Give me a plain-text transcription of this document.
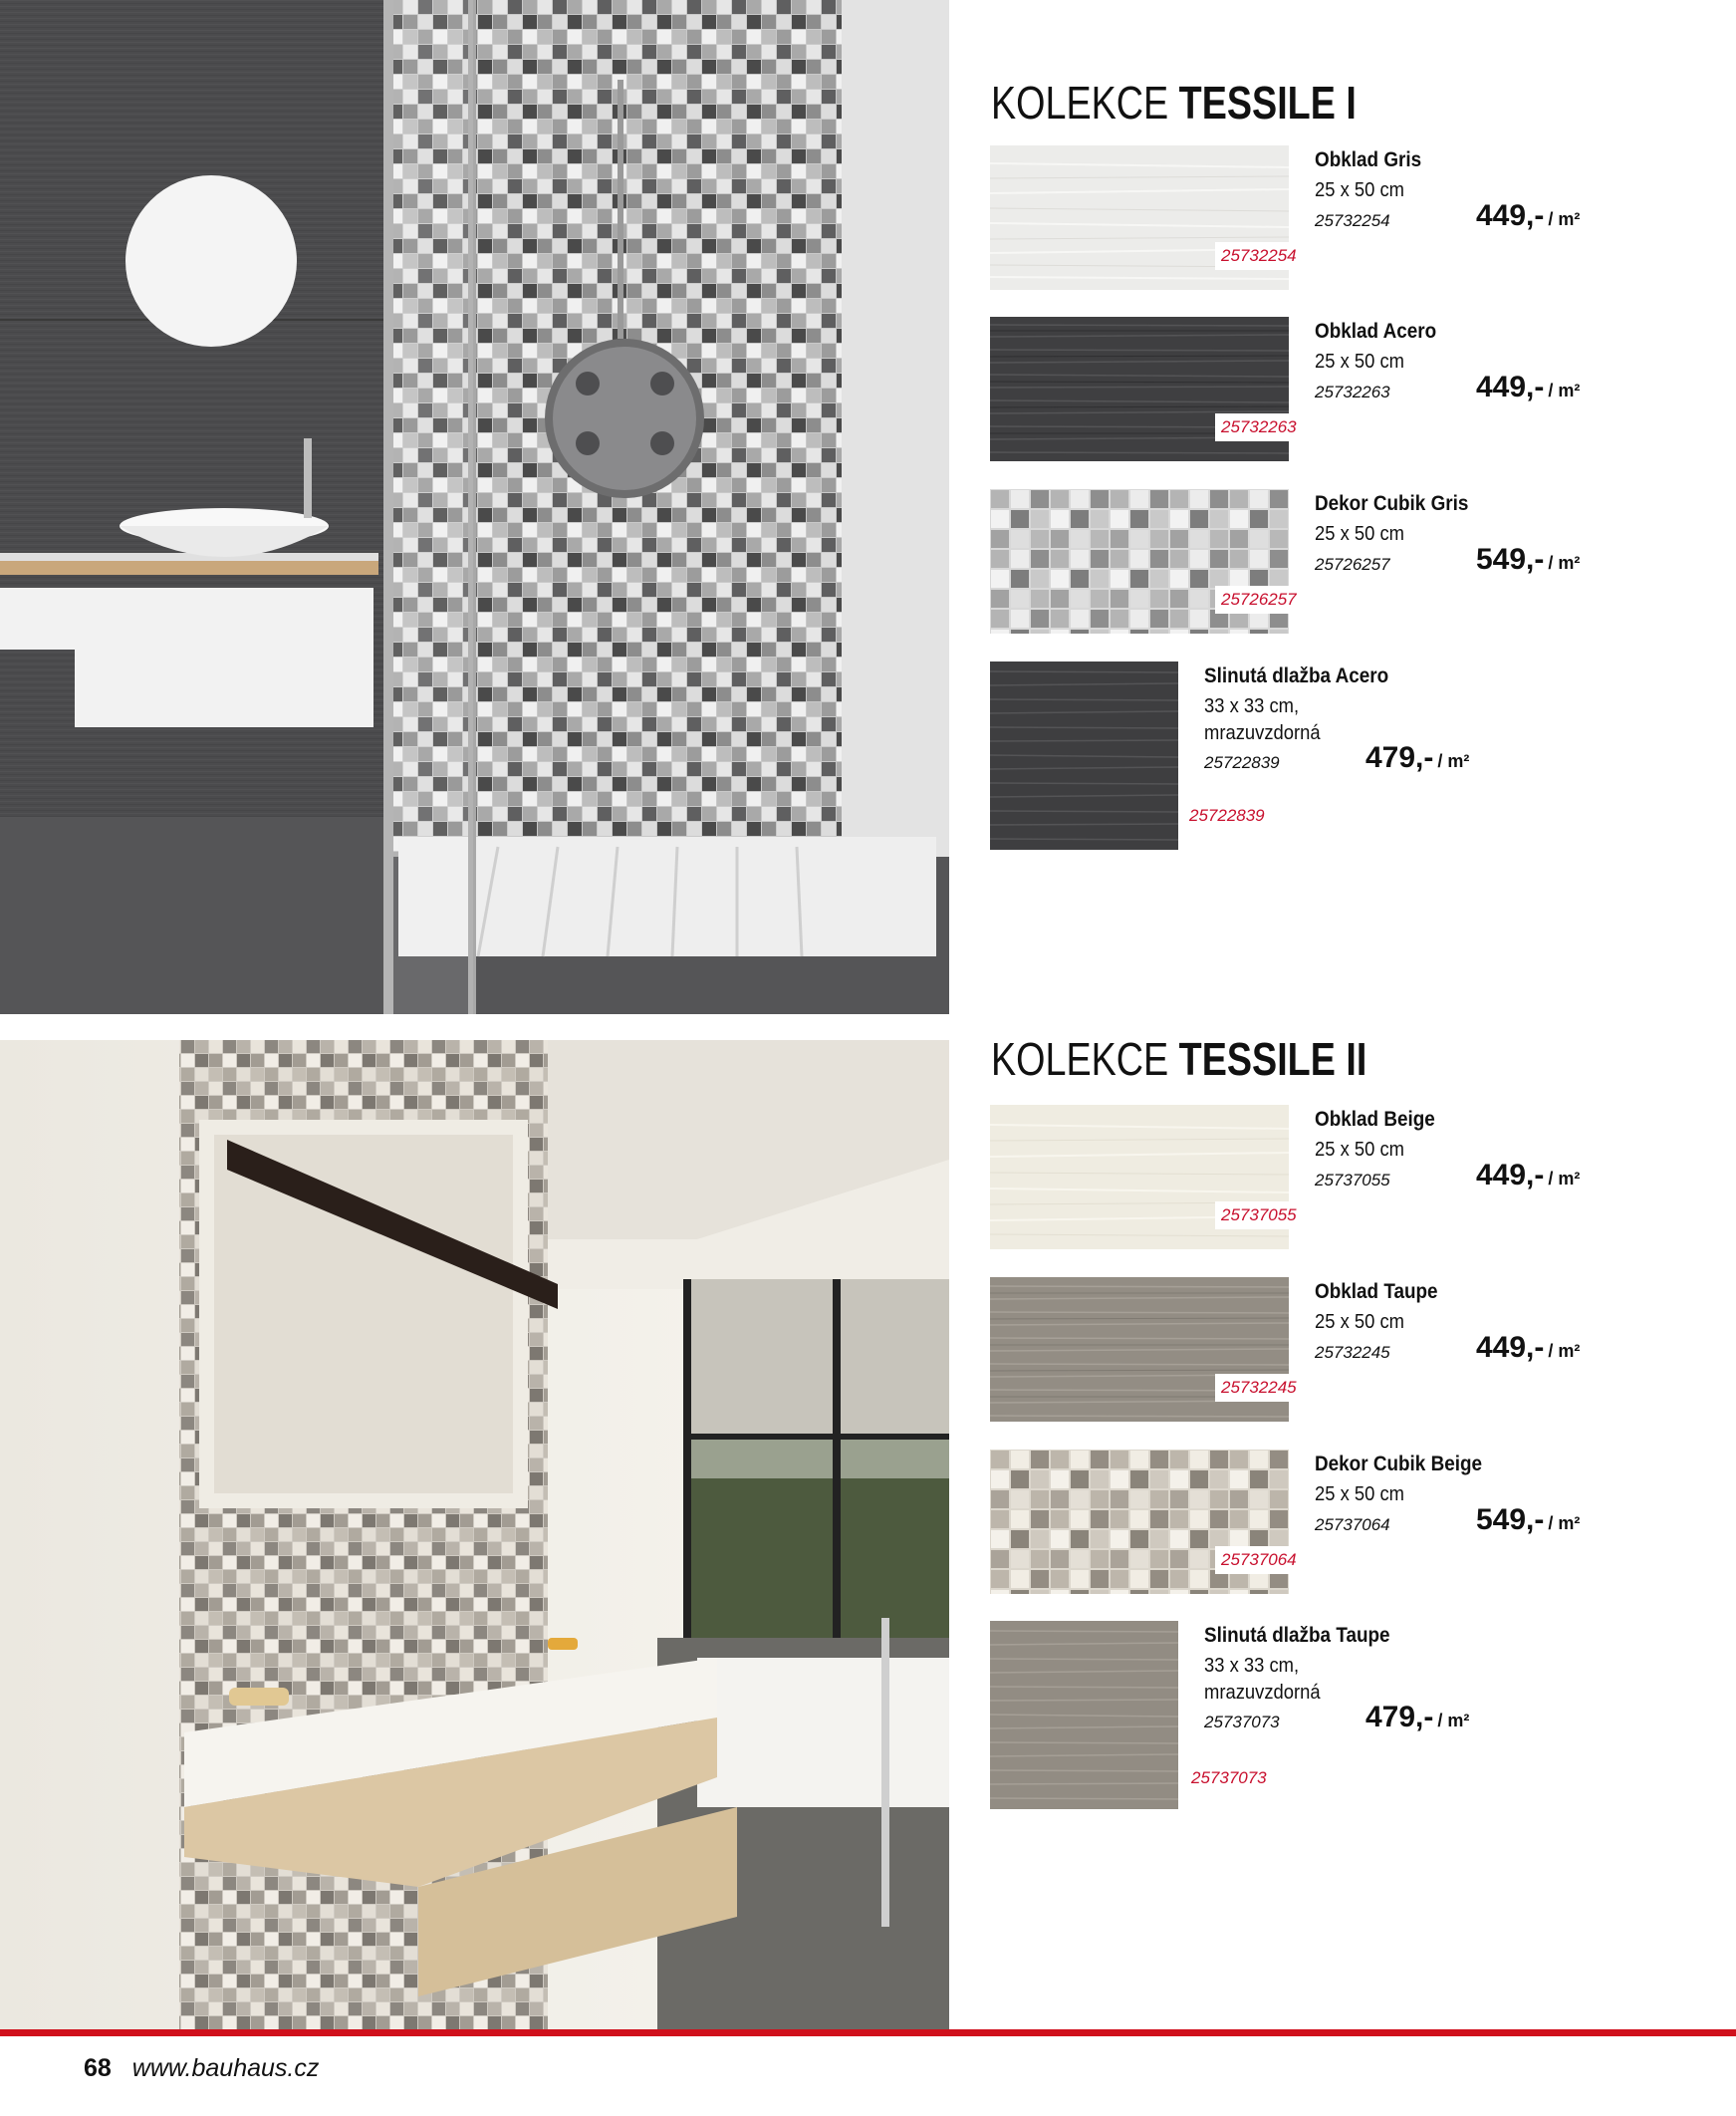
KOLEKCE TESSILE I
25732254
Obklad Gris
25 x 50 cm
25732254	449,- / m²
25732263
Obklad Acero
25 x 50 cm
25732263	449,- / m²
25726257
Dekor Cubik Gris
25 x 50 cm
25726257	549,- / m²
25722839
Slinutá dlažba Acero
33 x 33 cm,
mrazuvzdorná
25722839	479,- / m²
KOLEKCE TESSILE II
25737055
Obklad Beige
25 x 50 cm
25737055	449,- / m²
25732245
Obklad Taupe
25 x 50 cm
25732245	449,- / m²
25737064
Dekor Cubik Beige
25 x 50 cm
25737064	549,- / m²
25737073
Slinutá dlažba Taupe
33 x 33 cm,
mrazuvzdorná
25737073	479,- / m²
68 www.bauhaus.cz
